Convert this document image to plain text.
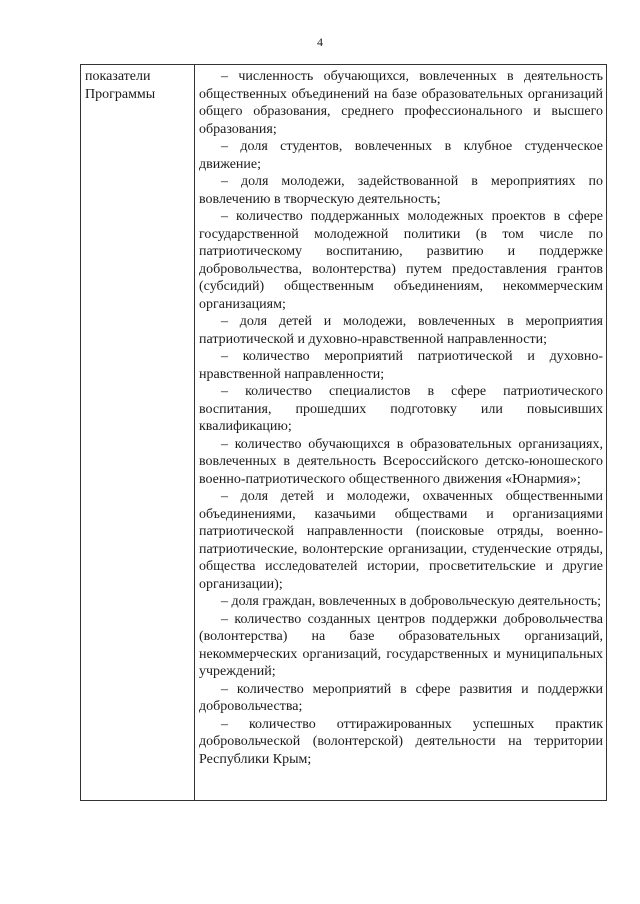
4
показатели
Программы

– численность обучающихся, вовлеченных в деятельность общественных объединений на базе образовательных организаций общего образования, среднего профессионального и высшего образования;

– доля студентов, вовлеченных в клубное студенческое движение;

– доля молодежи, задействованной в мероприятиях по вовлечению в творческую деятельность;

– количество поддержанных молодежных проектов в сфере государственной молодежной политики (в том числе по патриотическому воспитанию, развитию и поддержке добровольчества, волонтерства) путем предоставления грантов (субсидий) общественным объединениям, некоммерческим организациям;

– доля детей и молодежи, вовлеченных в мероприятия патриотической и духовно-нравственной направленности;

– количество мероприятий патриотической и духовно-нравственной направленности;

– количество специалистов в сфере патриотического воспитания, прошедших подготовку или повысивших квалификацию;

– количество обучающихся в образовательных организациях, вовлеченных в деятельность Всероссийского детско-юношеского военно-патриотического общественного движения «Юнармия»;

– доля детей и молодежи, охваченных общественными объединениями, казачьими обществами и организациями патриотической направленности (поисковые отряды, военно-патриотические, волонтерские организации, студенческие отряды, общества исследователей истории, просветительские и другие организации);

– доля граждан, вовлеченных в добровольческую деятельность;

– количество созданных центров поддержки добровольчества (волонтерства) на базе образовательных организаций, некоммерческих организаций, государственных и муниципальных учреждений;

– количество мероприятий в сфере развития и поддержки добровольчества;

– количество оттиражированных успешных практик добровольческой (волонтерской) деятельности на территории Республики Крым;
